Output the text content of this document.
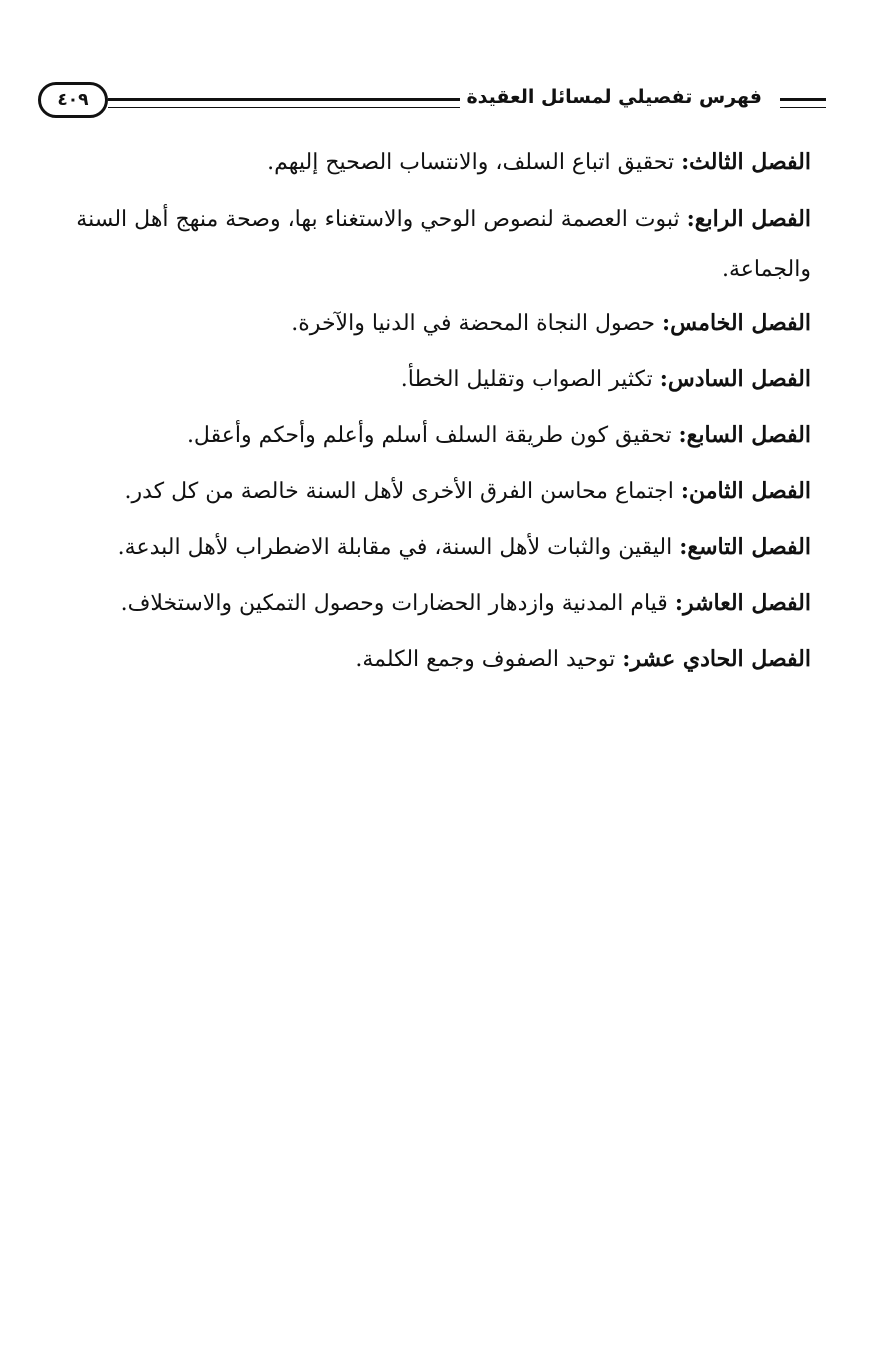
فهرس تفصيلي لمسائل العقيدة
٤٠٩

الفصل الثالث: تحقيق اتباع السلف، والانتساب الصحيح إليهم.

الفصل الرابع: ثبوت العصمة لنصوص الوحي والاستغناء بها، وصحة منهج أهل السنة والجماعة.

الفصل الخامس: حصول النجاة المحضة في الدنيا والآخرة.

الفصل السادس: تكثير الصواب وتقليل الخطأ.

الفصل السابع: تحقيق كون طريقة السلف أسلم وأعلم وأحكم وأعقل.

الفصل الثامن: اجتماع محاسن الفرق الأخرى لأهل السنة خالصة من كل كدر.

الفصل التاسع: اليقين والثبات لأهل السنة، في مقابلة الاضطراب لأهل البدعة.

الفصل العاشر: قيام المدنية وازدهار الحضارات وحصول التمكين والاستخلاف.

الفصل الحادي عشر: توحيد الصفوف وجمع الكلمة.
